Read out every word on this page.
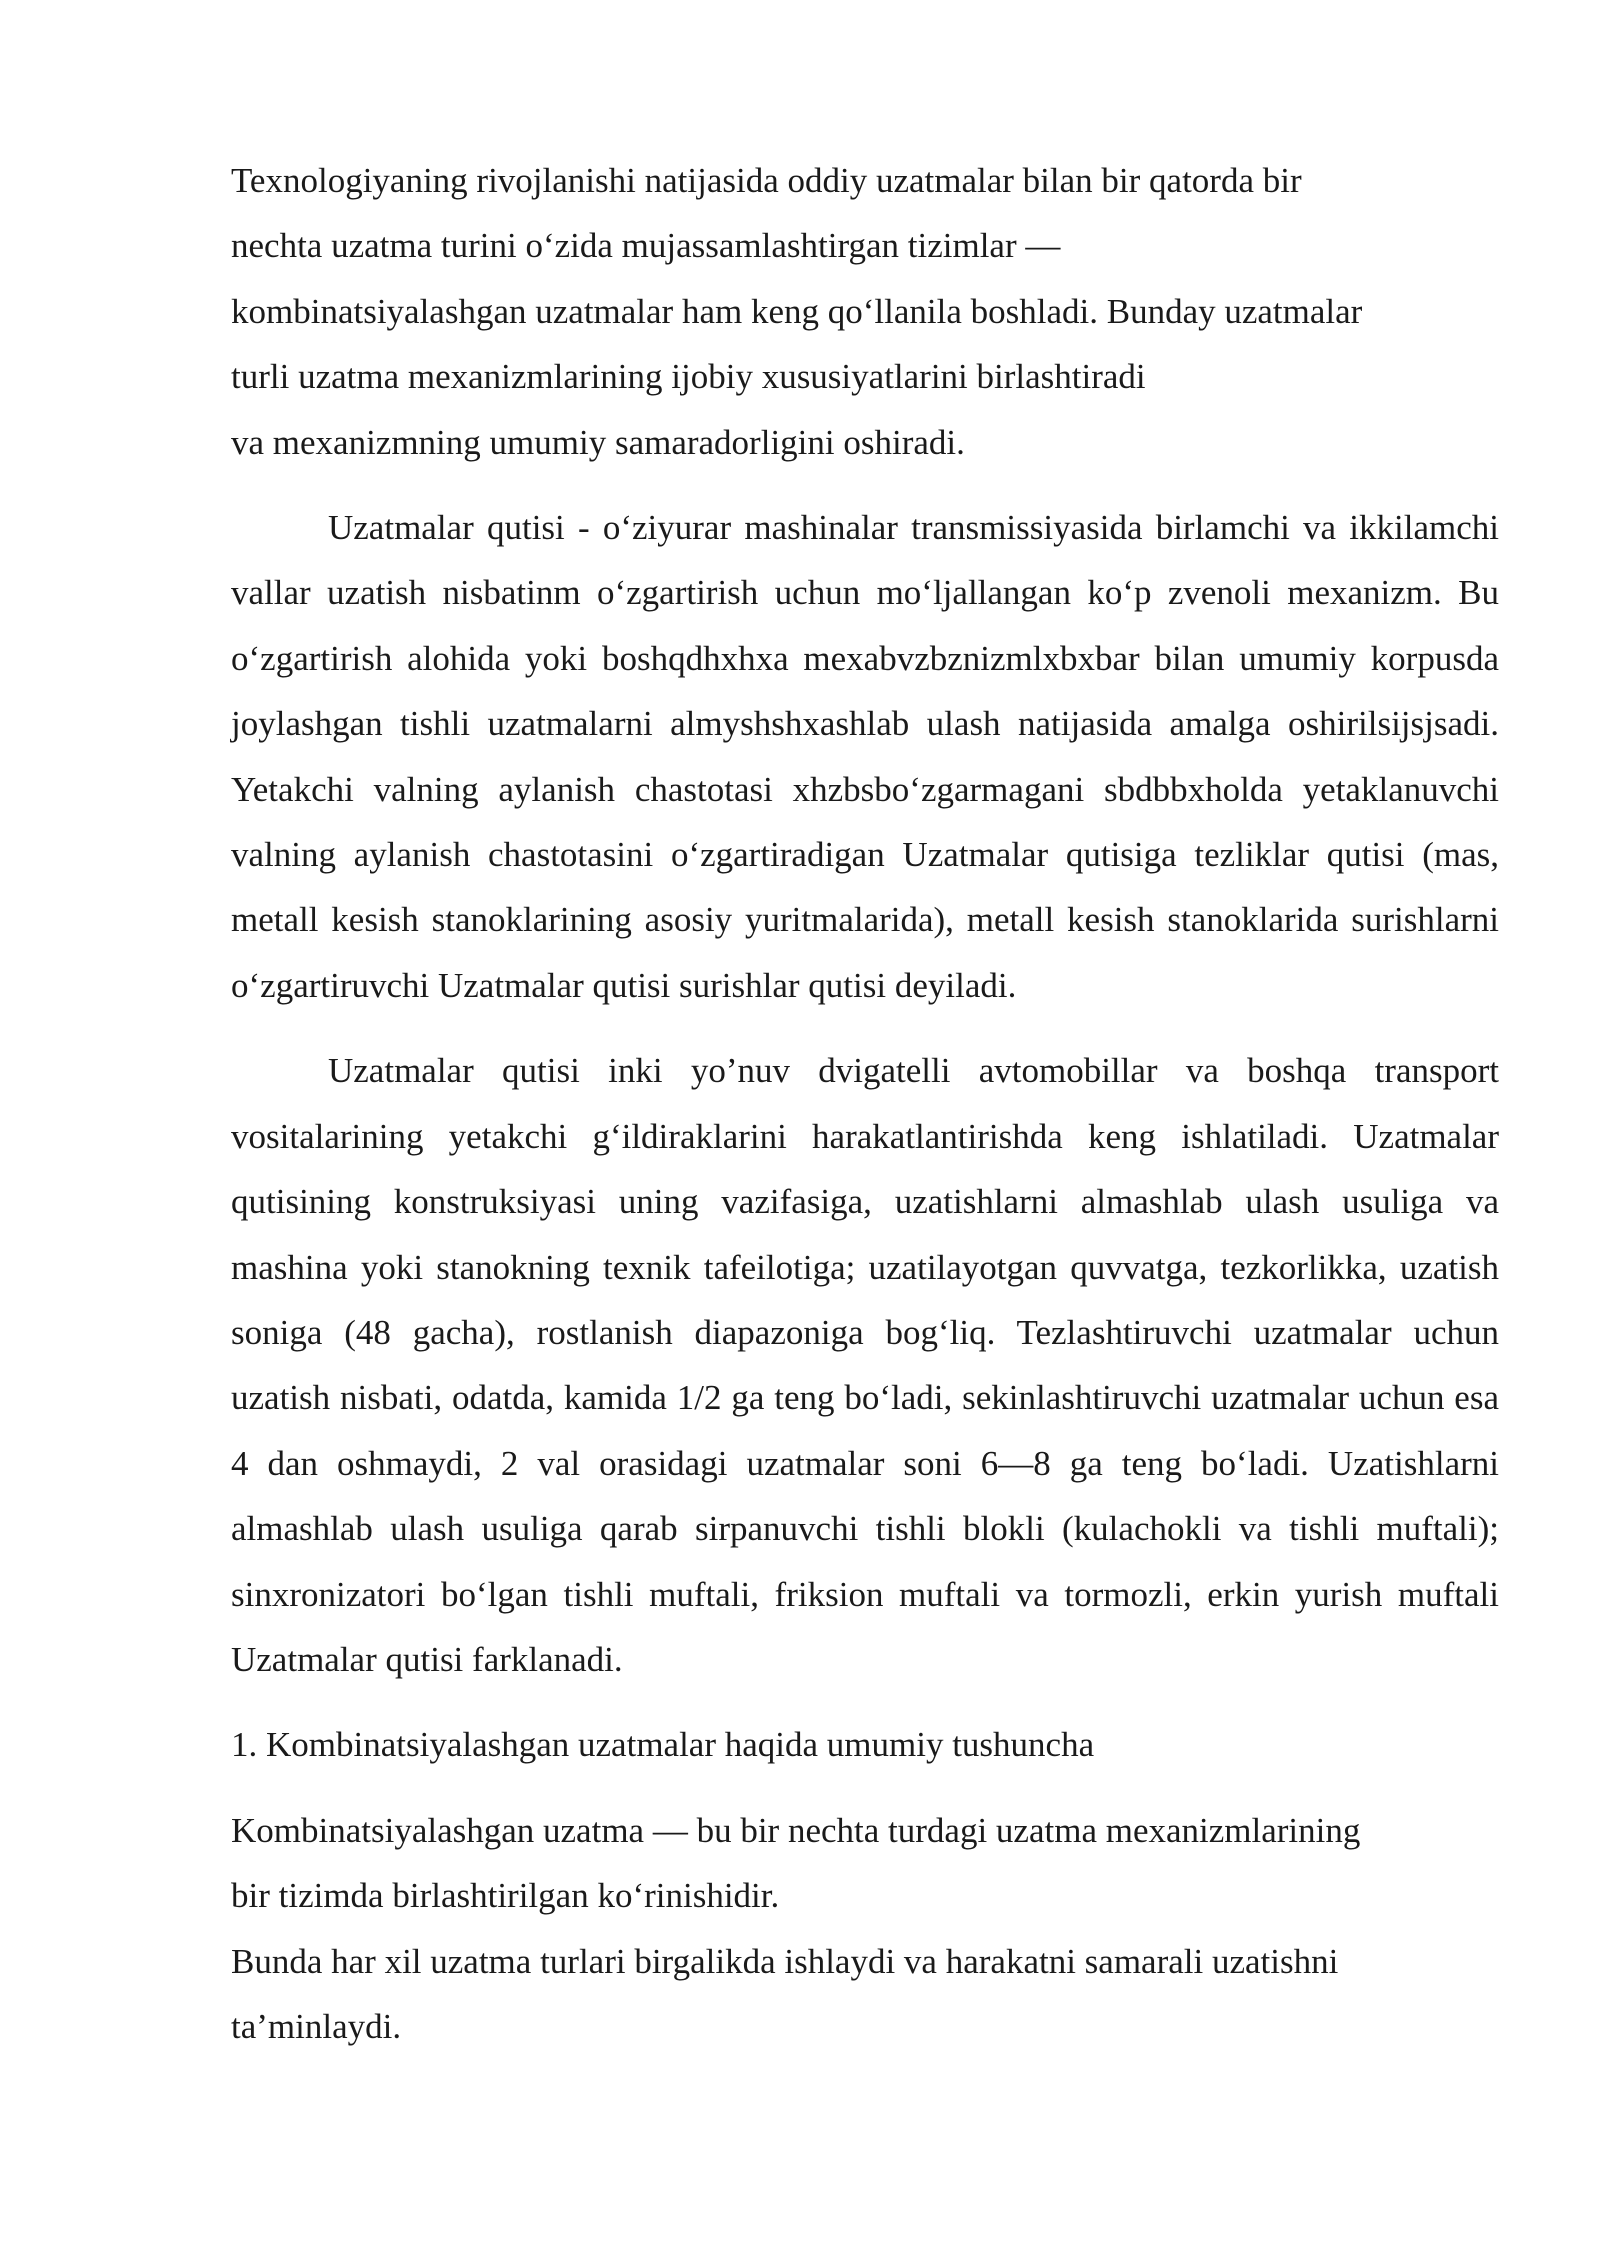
Texnologiyaning rivojlanishi natijasida oddiy uzatmalar bilan bir qatorda bir
nechta uzatma turini o‘zida mujassamlashtirgan tizimlar —
kombinatsiyalashgan uzatmalar ham keng qo‘llanila boshladi. Bunday uzatmalar
turli uzatma mexanizmlarining ijobiy xususiyatlarini birlashtiradi
va mexanizmning umumiy samaradorligini oshiradi.

Uzatmalar qutisi - o‘ziyurar mashinalar transmissiyasida birlamchi va ikkilamchi vallar uzatish nisbatinm o‘zgartirish uchun mo‘ljallangan ko‘p zvenoli mexanizm. Bu o‘zgartirish alohida yoki boshqdhxhxa mexabvzbznizmlxbxbar bilan umumiy korpusda joylashgan tishli uzatmalarni almyshshxashlab ulash natijasida amalga oshirilsijsjsadi. Yetakchi valning aylanish chastotasi xhzbsbo‘zgarmagani sbdbbxholda yetaklanuvchi valning aylanish chastotasini o‘zgartiradigan Uzatmalar qutisiga tezliklar qutisi (mas, metall kesish stanoklarining asosiy yuritmalarida), metall kesish stanoklarida surishlarni o‘zgartiruvchi Uzatmalar qutisi surishlar qutisi deyiladi.

Uzatmalar qutisi inki yo’nuv dvigatelli avtomobillar va boshqa transport vositalarining yetakchi g‘ildiraklarini harakatlantirishda keng ishlatiladi. Uzatmalar qutisining konstruksiyasi uning vazifasiga, uzatishlarni almashlab ulash usuliga va mashina yoki stanokning texnik tafeilotiga; uzatilayotgan quvvatga, tezkorlikka, uzatish soniga (48 gacha), rostlanish diapazoniga bog‘liq. Tezlashtiruvchi uzatmalar uchun uzatish nisbati, odatda, kamida 1/2 ga teng bo‘ladi, sekinlashtiruvchi uzatmalar uchun esa 4 dan oshmaydi, 2 val orasidagi uzatmalar soni 6—8 ga teng bo‘ladi. Uzatishlarni almashlab ulash usuliga qarab sirpanuvchi tishli blokli (kulachokli va tishli muftali); sinxronizatori bo‘lgan tishli muftali, friksion muftali va tormozli, erkin yurish muftali Uzatmalar qutisi farklanadi.

1. Kombinatsiyalashgan uzatmalar haqida umumiy tushuncha
Kombinatsiyalashgan uzatma — bu bir nechta turdagi uzatma mexanizmlarining
bir tizimda birlashtirilgan ko‘rinishidir.
Bunda har xil uzatma turlari birgalikda ishlaydi va harakatni samarali uzatishni
ta’minlaydi.
